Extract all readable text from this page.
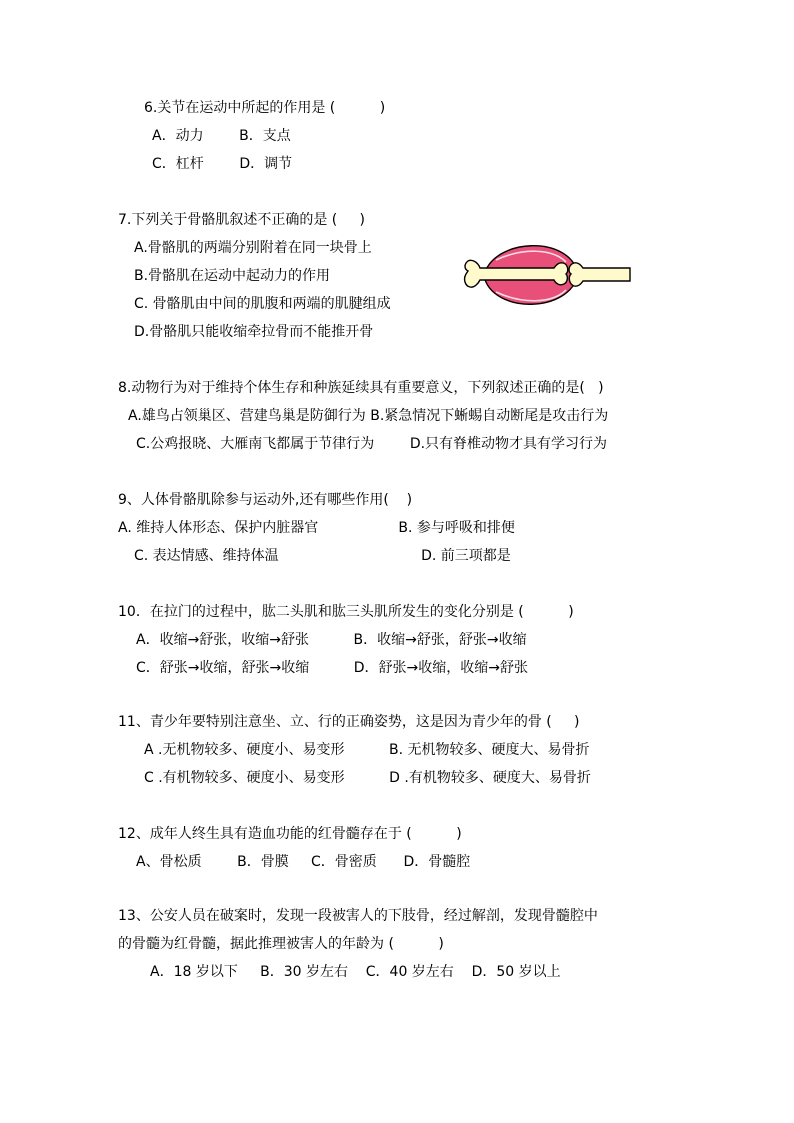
6.关节在运动中所起的作用是 (          )
A．动力        B．支点
C．杠杆        D．调节
7.下列关于骨骼肌叙述不正确的是 (     )
A.骨骼肌的两端分别附着在同一块骨上
B.骨骼肌在运动中起动力的作用
C. 骨骼肌由中间的肌腹和两端的肌腱组成
D.骨骼肌只能收缩牵拉骨而不能推开骨
8.动物行为对于维持个体生存和种族延续具有重要意义，下列叙述正确的是(   )
A.雄鸟占领巢区、营建鸟巢是防御行为 B.紧急情况下蜥蜴自动断尾是攻击行为
C.公鸡报晓、大雁南飞都属于节律行为        D.只有脊椎动物才具有学习行为
9、人体骨骼肌除参与运动外,还有哪些作用(    )
A. 维持人体形态、保护内脏器官                  B. 参与呼吸和排便
C. 表达情感、维持体温                                D. 前三项都是
10．在拉门的过程中，肱二头肌和肱三头肌所发生的变化分别是 (          )
A．收缩→舒张，收缩→舒张          B．收缩→舒张，舒张→收缩
C．舒张→收缩，舒张→收缩          D．舒张→收缩，收缩→舒张
11、青少年要特别注意坐、立、行的正确姿势，这是因为青少年的骨 (     )
A .无机物较多、硬度小、易变形          B. 无机物较多、硬度大、易骨折
C .有机物较多、硬度小、易变形          D .有机物较多、硬度大、易骨折
12、成年人终生具有造血功能的红骨髓存在于 (          )
A、骨松质        B．骨膜     C．骨密质      D．骨髓腔
13、公安人员在破案时，发现一段被害人的下肢骨，经过解剖，发现骨髓腔中
的骨髓为红骨髓，据此推理被害人的年龄为 (          )
A．18 岁以下     B．30 岁左右    C．40 岁左右    D．50 岁以上
